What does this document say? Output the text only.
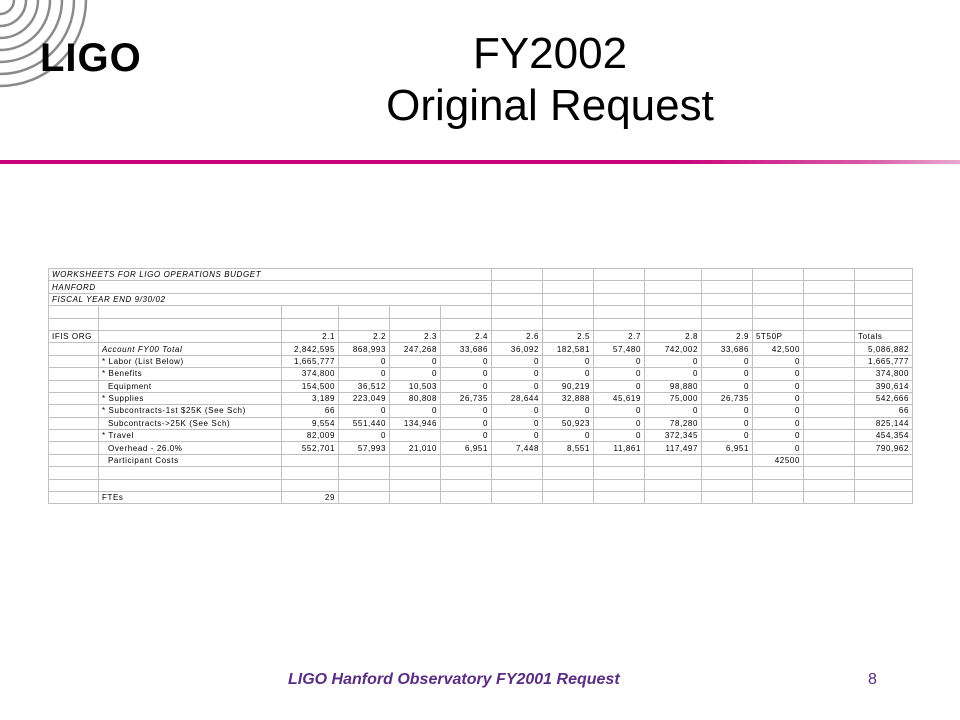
LIGO	FY2002
Original Request
WORKSHEETS FOR LIGO OPERATIONS BUDGET													
HANFORD													
FISCAL YEAR END 9/30/02													

IFIS ORG		2.1	2.2	2.3	2.4	2.6	2.5	2.7	2.8	2.9	5T50P		Totals
	Account FY00 Total	2,842,595	868,993	247,268	33,686	36,092	182,581	57,480	742,002	33,686	42,500		5,086,882
	* Labor (List Below)	1,665,777	0	0	0	0	0	0	0	0	0		1,665,777
	* Benefits	374,800	0	0	0	0	0	0	0	0	0		374,800
	Equipment	154,500	36,512	10,503	0	0	90,219	0	98,880	0	0		390,614
	* Supplies	3,189	223,049	80,808	26,735	28,644	32,888	45,619	75,000	26,735	0		542,666
	* Subcontracts-1st $25K (See Sch)	66	0	0	0	0	0	0	0	0	0		66
	Subcontracts->25K (See Sch)	9,554	551,440	134,946	0	0	50,923	0	78,280	0	0		825,144
	* Travel	82,009	0		0	0	0	0	372,345	0	0		454,354
	Overhead - 26.0%	552,701	57,993	21,010	6,951	7,448	8,551	11,861	117,497	6,951	0		790,962
	Participant Costs										42500		

	FTEs	29											
LIGO Hanford Observatory FY2001 Request	8
